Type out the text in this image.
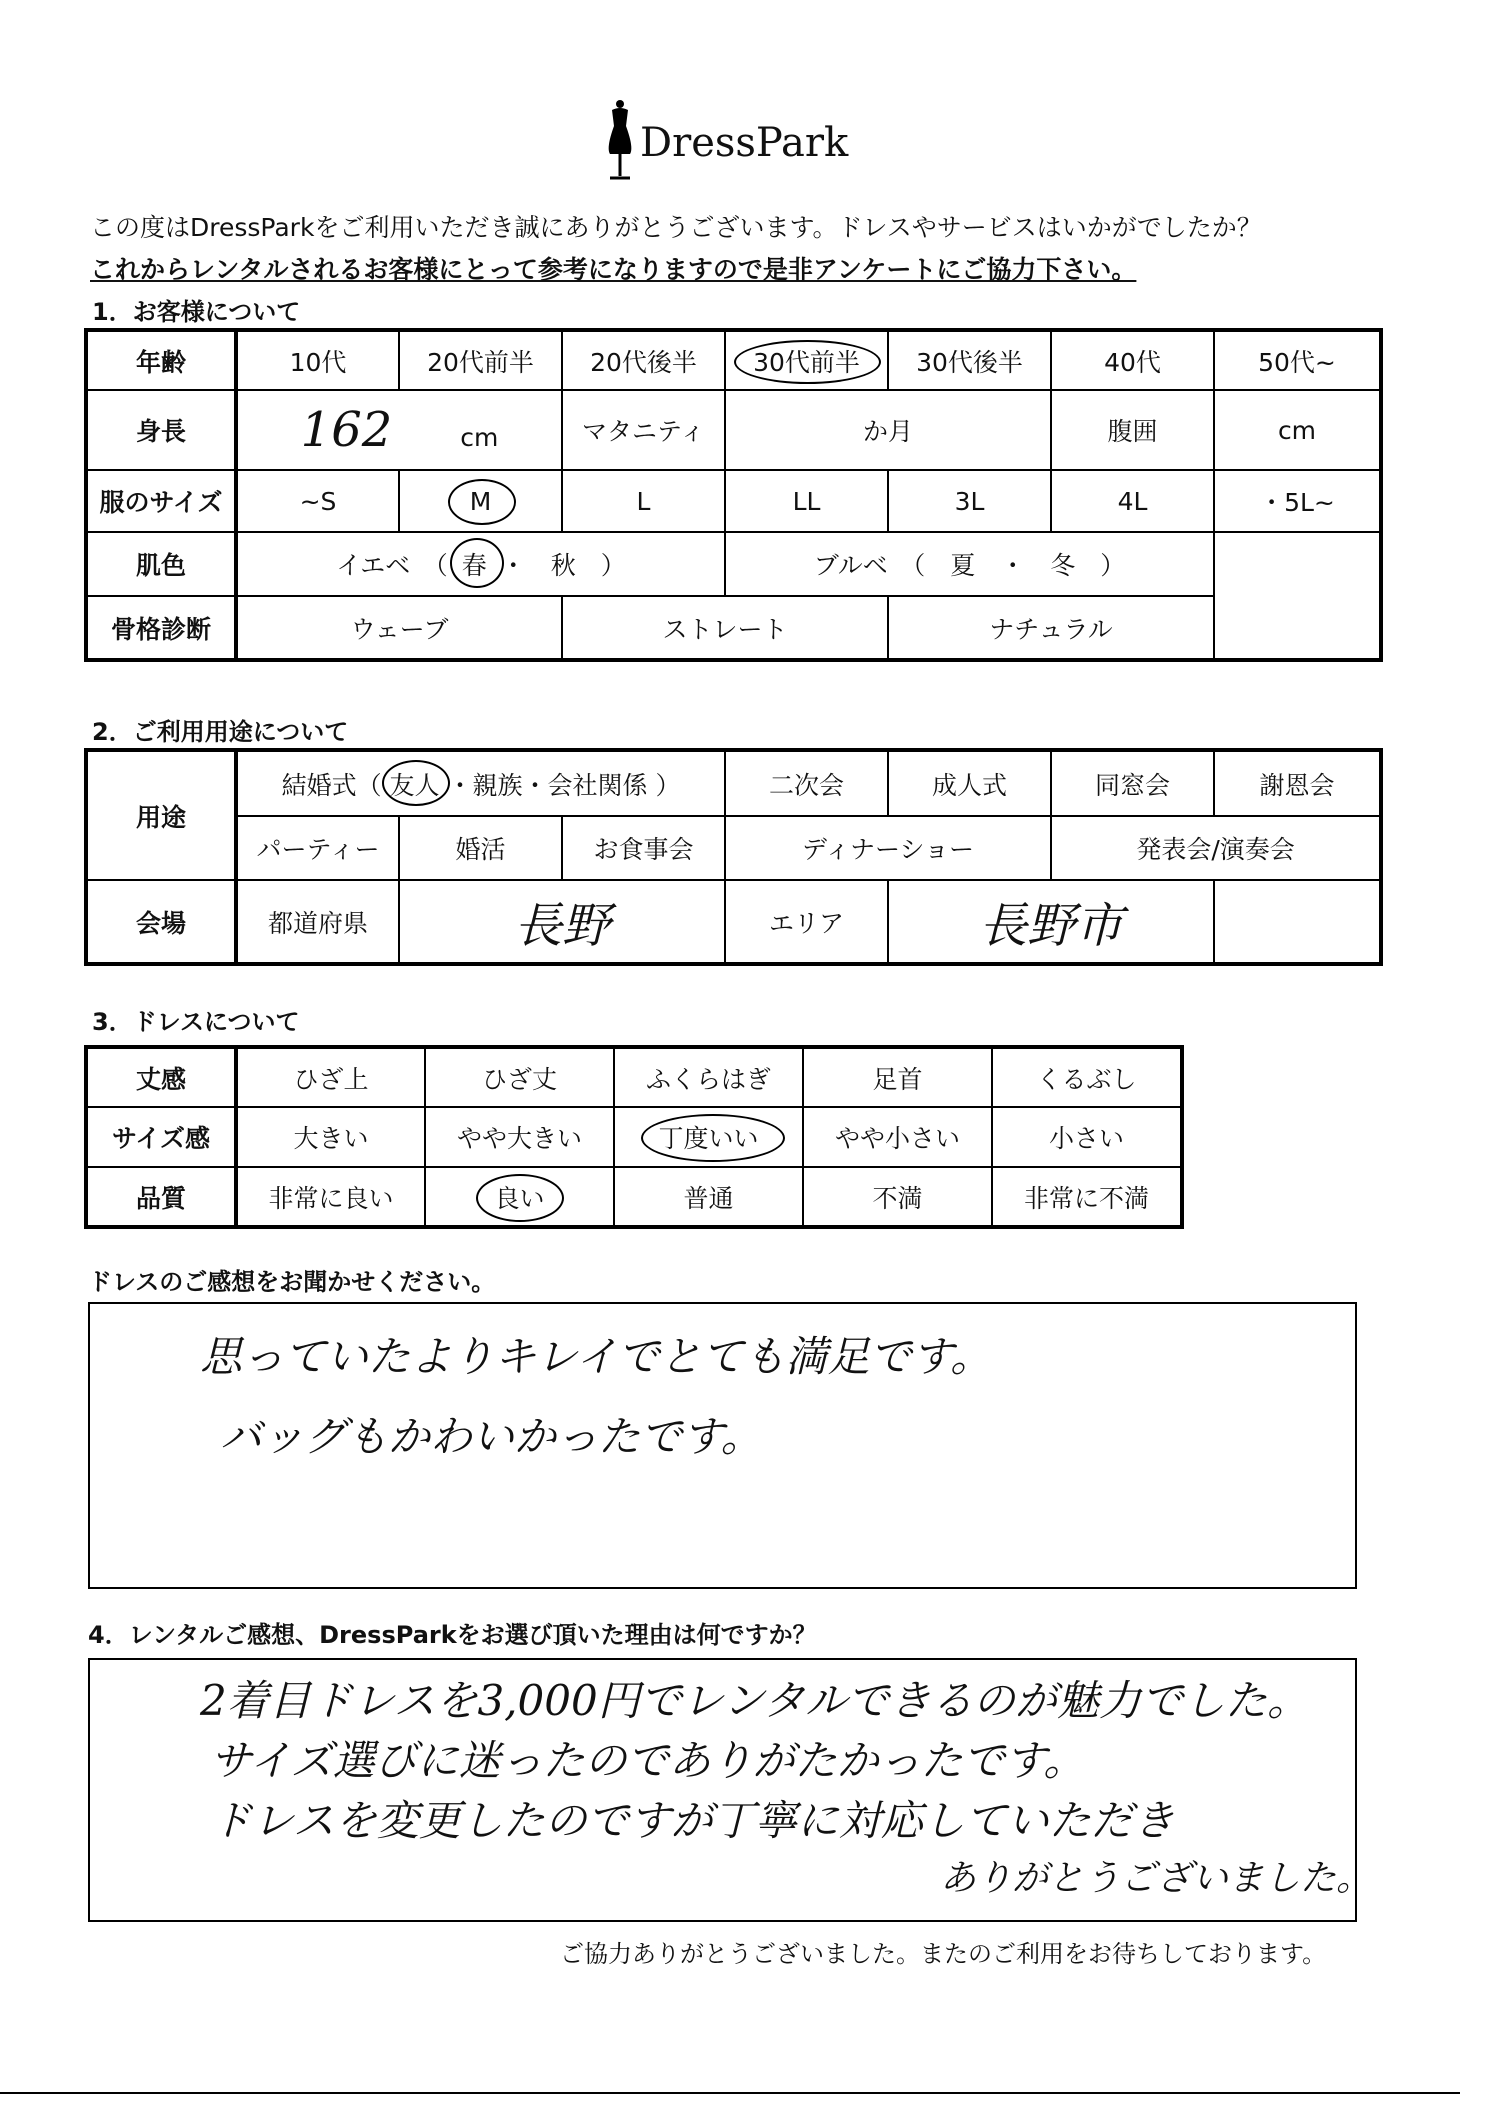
DressPark
この度はDressParkをご利用いただき誠にありがとうございます。ドレスやサービスはいかがでしたか？
これからレンタルされるお客様にとって参考になりますので是非アンケートにご協力下さい。
1．お客様について
年齢	10代	20代前半	20代後半	30代前半	30代後半	40代	50代~
身長	162 cm		マタニティ	か月		腹囲	cm
服のサイズ	~S	M	L	LL	3L	4L	・5L~
肌色	イエベ　（ 春 ・　秋　）			ブルベ　（　夏　・　冬　）			
骨格診断	ウェーブ		ストレート		ナチュラル		
2．ご利用用途について
用途	結婚式（ 友人 ・親族・会社関係 ）			二次会	成人式	同窓会	謝恩会
	パーティー	婚活	お食事会	ディナーショー		発表会/演奏会	
会場	都道府県	長野		エリア	長野市		
3．ドレスについて
丈感	ひざ上	ひざ丈	ふくらはぎ	足首	くるぶし
サイズ感	大きい	やや大きい	丁度いい	やや小さい	小さい
品質	非常に良い	良い	普通	不満	非常に不満
ドレスのご感想をお聞かせください。
思っていたよりキレイでとても満足です。
バッグもかわいかったです。
4．レンタルご感想、DressParkをお選び頂いた理由は何ですか？
2着目ドレスを3,000円でレンタルできるのが魅力でした。
サイズ選びに迷ったのでありがたかったです。
ドレスを変更したのですが丁寧に対応していただき
ありがとうございました。
ご協力ありがとうございました。またのご利用をお待ちしております。
